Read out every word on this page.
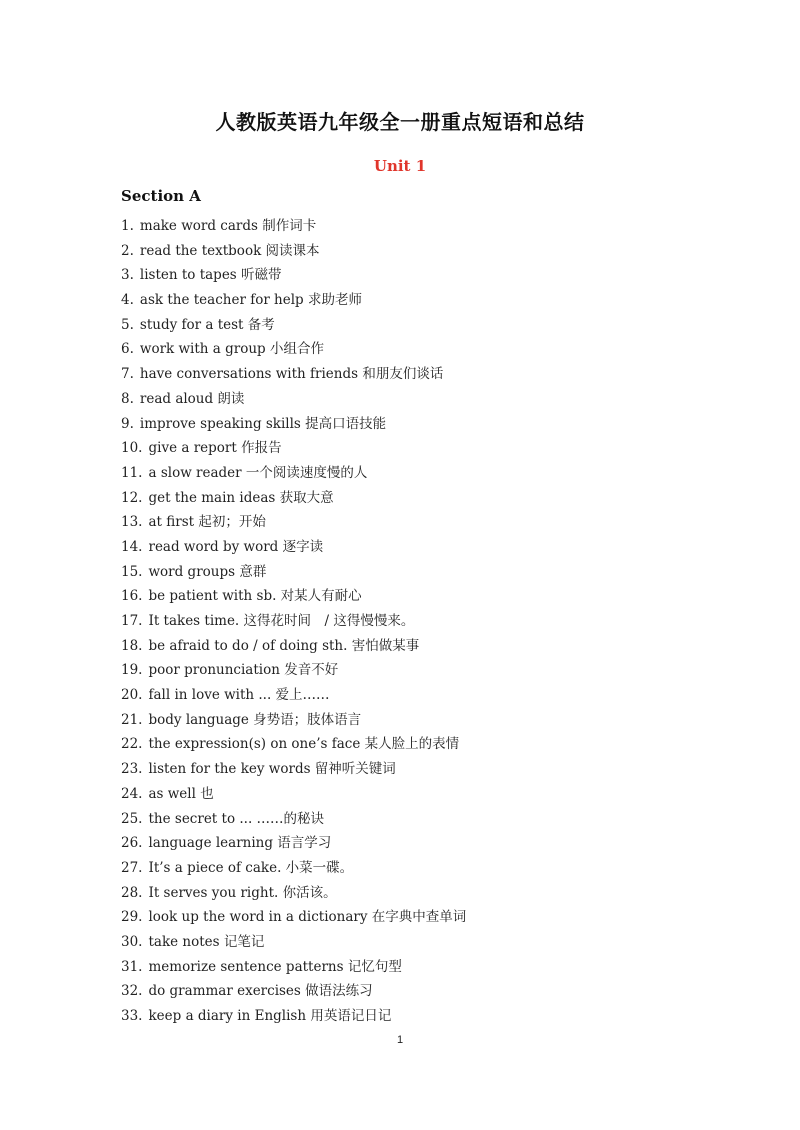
人教版英语九年级全一册重点短语和总结
Unit 1
Section A
1. make word cards 制作词卡
2. read the textbook 阅读课本
3. listen to tapes 听磁带
4. ask the teacher for help 求助老师
5. study for a test 备考
6. work with a group 小组合作
7. have conversations with friends 和朋友们谈话
8. read aloud 朗读
9. improve speaking skills 提高口语技能
10. give a report 作报告
11. a slow reader 一个阅读速度慢的人
12. get the main ideas 获取大意
13. at first 起初；开始
14. read word by word 逐字读
15. word groups 意群
16. be patient with sb. 对某人有耐心
17. It takes time. 这得花时间　/ 这得慢慢来。
18. be afraid to do / of doing sth. 害怕做某事
19. poor pronunciation 发音不好
20. fall in love with ... 爱上……
21. body language 身势语；肢体语言
22. the expression(s) on one’s face 某人脸上的表情
23. listen for the key words 留神听关键词
24. as well 也
25. the secret to ... ……的秘诀
26. language learning 语言学习
27. It’s a piece of cake. 小菜一碟。
28. It serves you right. 你活该。
29. look up the word in a dictionary 在字典中查单词
30. take notes 记笔记
31. memorize sentence patterns 记忆句型
32. do grammar exercises 做语法练习
33. keep a diary in English 用英语记日记
1
